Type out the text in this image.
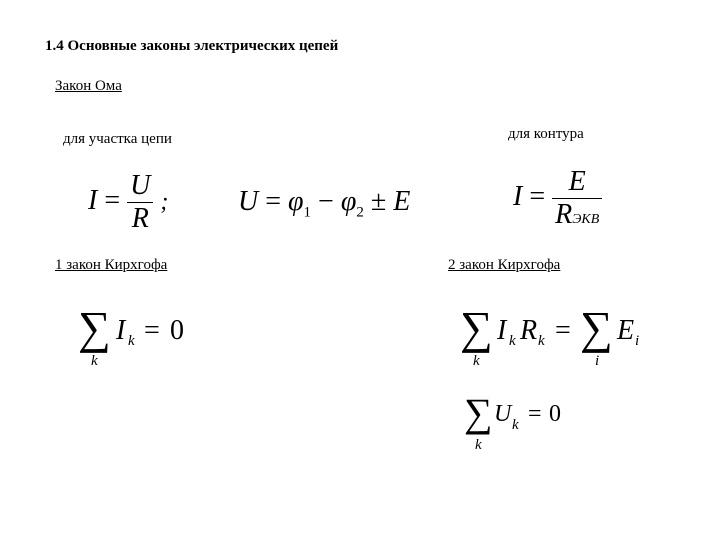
1.4 Основные законы электрических цепей
Закон Ома
для участка цепи	для контура
$I = \frac{U}{R}$ ; $U = \varphi_1 - \varphi_2 \pm E$	$I = \frac{E}{\text{RЭКВ}}$
1 закон Кирхгофа	2 закон Кирхгофа
∑
k
I k = 0	∑
k
I k R k = ∑
i
E i
∑
k
U k = 0
